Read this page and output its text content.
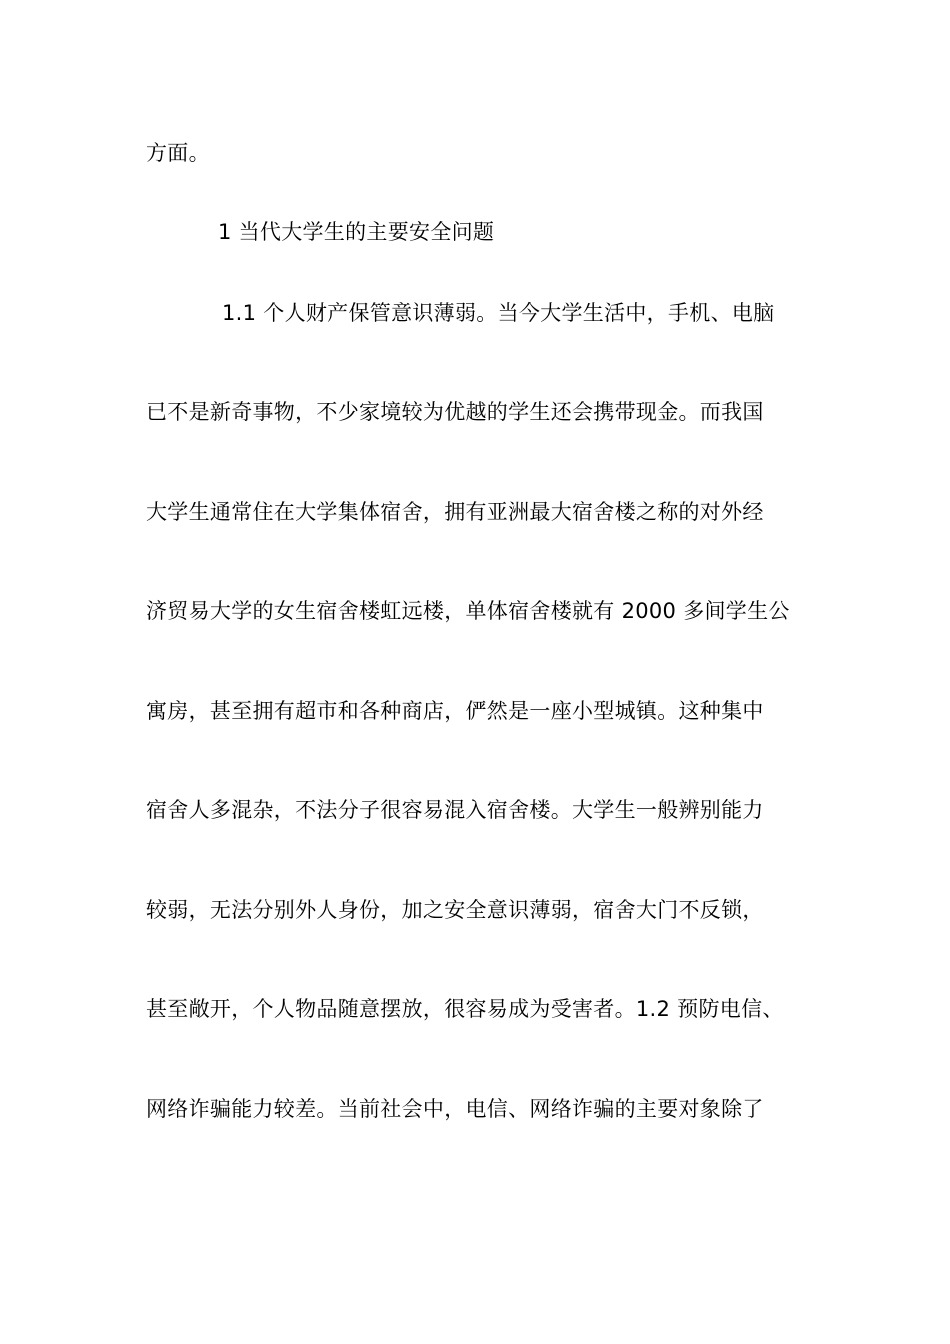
方面。
1 当代大学生的主要安全问题
1.1 个人财产保管意识薄弱。当今大学生活中，手机、电脑
已不是新奇事物，不少家境较为优越的学生还会携带现金。而我国
大学生通常住在大学集体宿舍，拥有亚洲最大宿舍楼之称的对外经
济贸易大学的女生宿舍楼虹远楼，单体宿舍楼就有 2000 多间学生公
寓房，甚至拥有超市和各种商店，俨然是一座小型城镇。这种集中
宿舍人多混杂，不法分子很容易混入宿舍楼。大学生一般辨别能力
较弱，无法分别外人身份，加之安全意识薄弱，宿舍大门不反锁，
甚至敞开，个人物品随意摆放，很容易成为受害者。1.2 预防电信、
网络诈骗能力较差。当前社会中，电信、网络诈骗的主要对象除了
